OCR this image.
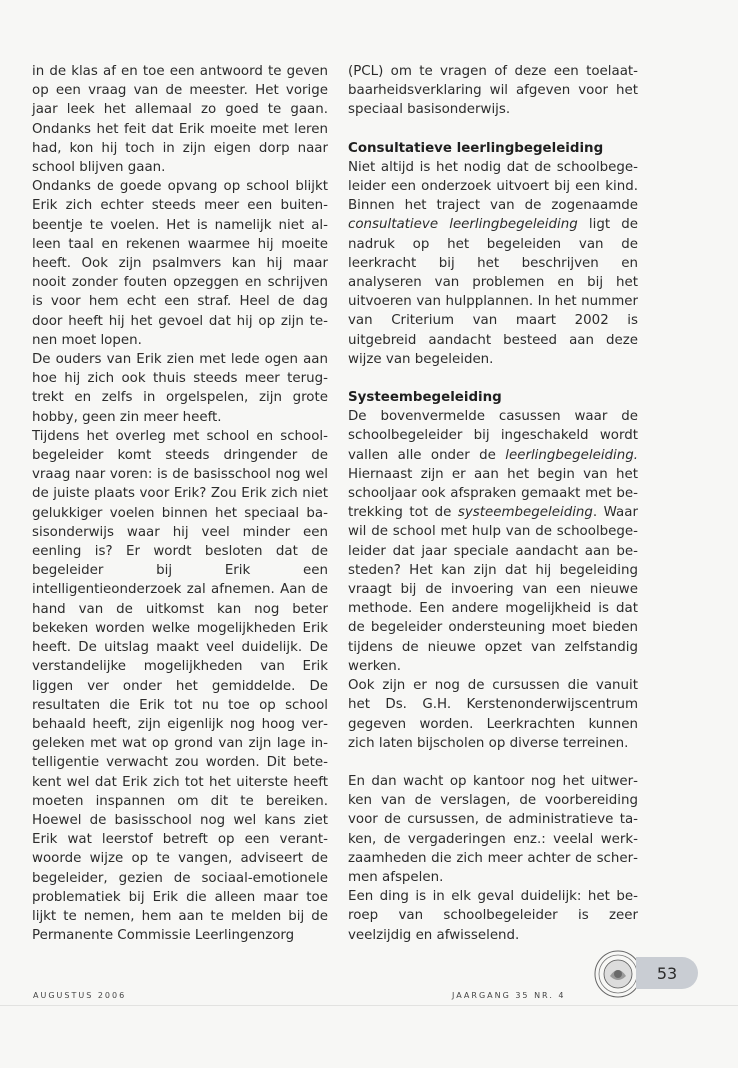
in de klas af en toe een antwoord te geven op een vraag van de meester. Het vorige jaar leek het allemaal zo goed te gaan. Ondanks het feit dat Erik moeite met leren had, kon hij toch in zijn eigen dorp naar school blijven gaan.

Ondanks de goede opvang op school blijkt Erik zich echter steeds meer een buitenbeentje te voelen. Het is namelijk niet alleen taal en rekenen waarmee hij moeite heeft. Ook zijn psalmvers kan hij maar nooit zonder fouten opzeggen en schrijven is voor hem echt een straf. Heel de dag door heeft hij het gevoel dat hij op zijn tenen moet lopen.

De ouders van Erik zien met lede ogen aan hoe hij zich ook thuis steeds meer terugtrekt en zelfs in orgelspelen, zijn grote hobby, geen zin meer heeft.

Tijdens het overleg met school en schoolbegeleider komt steeds dringender de vraag naar voren: is de basisschool nog wel de juiste plaats voor Erik? Zou Erik zich niet gelukkiger voelen binnen het speciaal basisonderwijs waar hij veel minder een eenling is? Er wordt besloten dat de begeleider bij Erik een intelligentieonderzoek zal afnemen. Aan de hand van de uitkomst kan nog beter bekeken worden welke mogelijkheden Erik heeft. De uitslag maakt veel duidelijk. De verstandelijke mogelijkheden van Erik liggen ver onder het gemiddelde. De resultaten die Erik tot nu toe op school behaald heeft, zijn eigenlijk nog hoog vergeleken met wat op grond van zijn lage intelligentie verwacht zou worden. Dit betekent wel dat Erik zich tot het uiterste heeft moeten inspannen om dit te bereiken. Hoewel de basisschool nog wel kans ziet Erik wat leerstof betreft op een verantwoorde wijze op te vangen, adviseert de begeleider, gezien de sociaal-emotionele problematiek bij Erik die alleen maar toe lijkt te nemen, hem aan te melden bij de Permanente Commissie Leerlingenzorg

(PCL) om te vragen of deze een toelaatbaarheidsverklaring wil afgeven voor het speciaal basisonderwijs.

Consultatieve leerlingbegeleiding

Niet altijd is het nodig dat de schoolbegeleider een onderzoek uitvoert bij een kind. Binnen het traject van de zogenaamde consultatieve leerlingbegeleiding ligt de nadruk op het begeleiden van de leerkracht bij het beschrijven en analyseren van problemen en bij het uitvoeren van hulpplannen. In het nummer van Criterium van maart 2002 is uitgebreid aandacht besteed aan deze wijze van begeleiden.

Systeembegeleiding

De bovenvermelde casussen waar de schoolbegeleider bij ingeschakeld wordt vallen alle onder de leerlingbegeleiding. Hiernaast zijn er aan het begin van het schooljaar ook afspraken gemaakt met betrekking tot de systeembegeleiding. Waar wil de school met hulp van de schoolbegeleider dat jaar speciale aandacht aan besteden? Het kan zijn dat hij begeleiding vraagt bij de invoering van een nieuwe methode. Een andere mogelijkheid is dat de begeleider ondersteuning moet bieden tijdens de nieuwe opzet van zelfstandig werken.

Ook zijn er nog de cursussen die vanuit het Ds. G.H. Kerstenonderwijscentrum gegeven worden. Leerkrachten kunnen zich laten bijscholen op diverse terreinen.

En dan wacht op kantoor nog het uitwerken van de verslagen, de voorbereiding voor de cursussen, de administratieve taken, de vergaderingen enz.: veelal werkzaamheden die zich meer achter de schermen afspelen.

Een ding is in elk geval duidelijk: het beroep van schoolbegeleider is zeer veelzijdig en afwisselend.

AUGUSTUS 2006	JAARGANG 35 NR. 4
53
